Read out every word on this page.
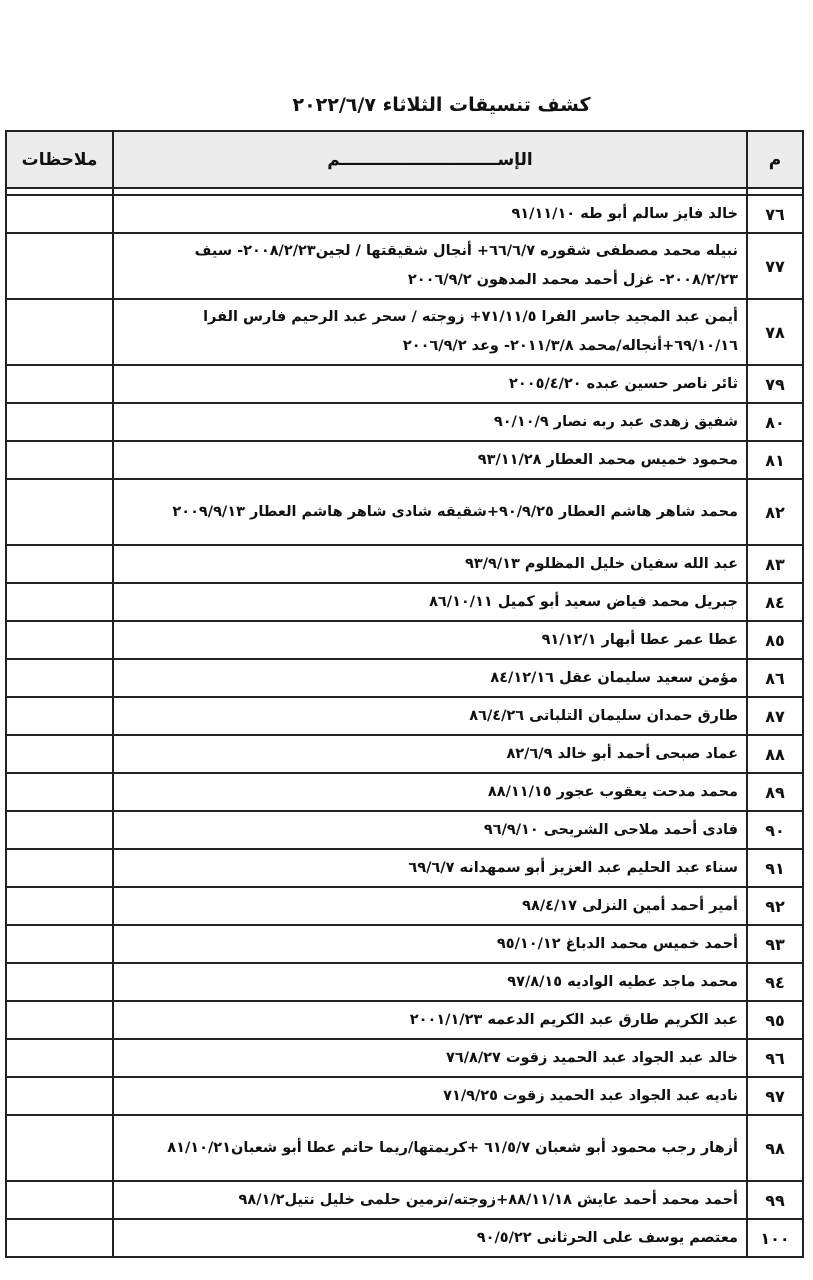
كشف تنسيقات الثلاثاء ٢٠٢٢/٦/٧
م	الإســـــــــــــــــــــــــــم	ملاحظات

٧٦	خالد فايز سالم أبو طه ٩١/١١/١٠	
٧٧	نبيله محمد مصطفى شقوره ٦٦/٦/٧+ أنجال شقيقتها / لجين٢٠٠٨/٢/٢٣- سيف ٢٠٠٨/٢/٢٣- غزل أحمد محمد المدهون ٢٠٠٦/٩/٢	
٧٨	أيمن عبد المجيد جاسر الفرا ٧١/١١/٥+ زوجته / سحر عبد الرحيم فارس الفرا ٦٩/١٠/١٦+أنجاله/محمد ٢٠١١/٣/٨- وعد ٢٠٠٦/٩/٢	
٧٩	ثائر ناصر حسين عبده ٢٠٠٥/٤/٢٠	
٨٠	شفيق زهدى عبد ربه نصار ٩٠/١٠/٩	
٨١	محمود خميس محمد العطار ٩٣/١١/٢٨	
٨٢	محمد شاهر هاشم العطار ٩٠/٩/٢٥+شقيقه شادى شاهر هاشم العطار ٢٠٠٩/٩/١٣	
٨٣	عبد الله سفيان خليل المظلوم ٩٣/٩/١٣	
٨٤	جبريل محمد فياض سعيد أبو كميل ٨٦/١٠/١١	
٨٥	عطا عمر عطا أبهار ٩١/١٢/١	
٨٦	مؤمن سعيد سليمان عقل ٨٤/١٢/١٦	
٨٧	طارق حمدان سليمان التلباتى ٨٦/٤/٢٦	
٨٨	عماد صبحى أحمد أبو خالد ٨٢/٦/٩	
٨٩	محمد مدحت يعقوب عجور ٨٨/١١/١٥	
٩٠	فادى أحمد ملاحى الشريحى ٩٦/٩/١٠	
٩١	سناء عبد الحليم عبد العزيز أبو سمهدانه ٦٩/٦/٧	
٩٢	أمير أحمد أمين النزلى ٩٨/٤/١٧	
٩٣	أحمد خميس محمد الدباغ ٩٥/١٠/١٢	
٩٤	محمد ماجد عطيه الواديه ٩٧/٨/١٥	
٩٥	عبد الكريم طارق عبد الكريم الدعمه ٢٠٠١/١/٢٣	
٩٦	خالد عبد الجواد عبد الحميد زقوت ٧٦/٨/٢٧	
٩٧	ناديه عبد الجواد عبد الحميد زقوت ٧١/٩/٢٥	
٩٨	أزهار رجب محمود أبو شعبان ٦١/٥/٧ +كريمتها/ريما حاتم عطا أبو شعبان٨١/١٠/٢١	
٩٩	أحمد محمد أحمد عايش ٨٨/١١/١٨+زوجته/نرمين حلمى خليل نتيل٩٨/١/٢	
١٠٠	معتصم يوسف على الحرثانى ٩٠/٥/٢٢	
